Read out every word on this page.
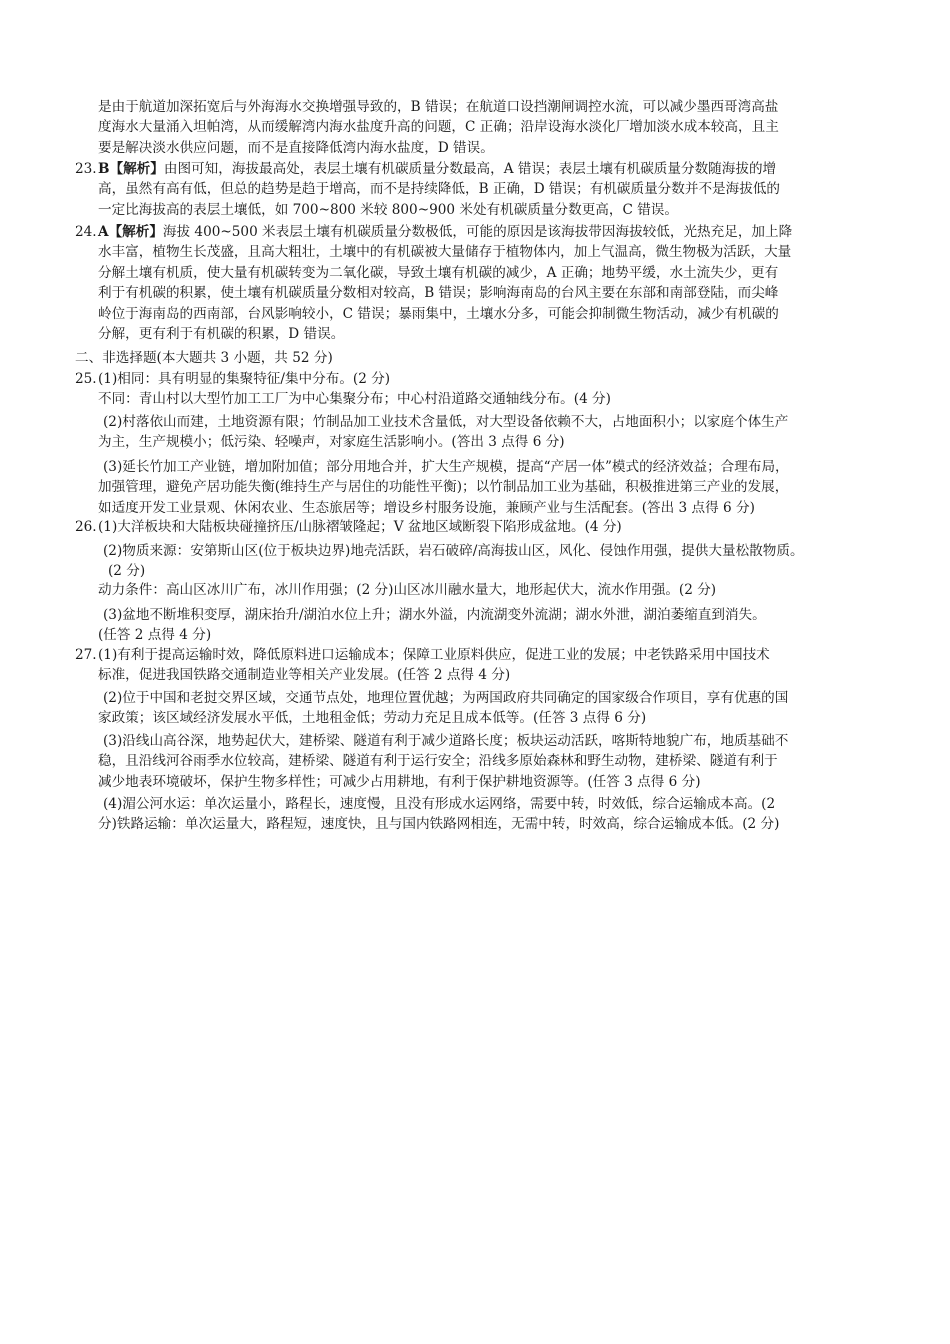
是由于航道加深拓宽后与外海海水交换增强导致的，B 错误；在航道口设挡潮闸调控水流，可以减少墨西哥湾高盐
度海水大量涌入坦帕湾，从而缓解湾内海水盐度升高的问题，C 正确；沿岸设海水淡化厂增加淡水成本较高，且主
要是解决淡水供应问题，而不是直接降低湾内海水盐度，D 错误。
23.B【解析】由图可知，海拔最高处，表层土壤有机碳质量分数最高，A 错误；表层土壤有机碳质量分数随海拔的增
高，虽然有高有低，但总的趋势是趋于增高，而不是持续降低，B 正确，D 错误；有机碳质量分数并不是海拔低的
一定比海拔高的表层土壤低，如 700~800 米较 800~900 米处有机碳质量分数更高，C 错误。
24.A【解析】海拔 400~500 米表层土壤有机碳质量分数极低，可能的原因是该海拔带因海拔较低，光热充足，加上降
水丰富，植物生长茂盛，且高大粗壮，土壤中的有机碳被大量储存于植物体内，加上气温高，微生物极为活跃，大量
分解土壤有机质，使大量有机碳转变为二氧化碳，导致土壤有机碳的减少，A 正确；地势平缓，水土流失少，更有
利于有机碳的积累，使土壤有机碳质量分数相对较高，B 错误；影响海南岛的台风主要在东部和南部登陆，而尖峰
岭位于海南岛的西南部，台风影响较小，C 错误；暴雨集中，土壤水分多，可能会抑制微生物活动，减少有机碳的
分解，更有利于有机碳的积累，D 错误。
二、非选择题(本大题共 3 小题，共 52 分)
25.(1)相同：具有明显的集聚特征/集中分布。(2 分)
不同：青山村以大型竹加工工厂为中心集聚分布；中心村沿道路交通轴线分布。(4 分)
(2)村落依山而建，土地资源有限；竹制品加工业技术含量低，对大型设备依赖不大，占地面积小；以家庭个体生产
为主，生产规模小；低污染、轻噪声，对家庭生活影响小。(答出 3 点得 6 分)
(3)延长竹加工产业链，增加附加值；部分用地合并，扩大生产规模，提高“产居一体”模式的经济效益；合理布局，
加强管理，避免产居功能失衡(维持生产与居住的功能性平衡)；以竹制品加工业为基础，积极推进第三产业的发展，
如适度开发工业景观、休闲农业、生态旅居等；增设乡村服务设施，兼顾产业与生活配套。(答出 3 点得 6 分)
26.(1)大洋板块和大陆板块碰撞挤压/山脉褶皱隆起；V 盆地区域断裂下陷形成盆地。(4 分)
(2)物质来源：安第斯山区(位于板块边界)地壳活跃，岩石破碎/高海拔山区，风化、侵蚀作用强，提供大量松散物质。
(2 分)
动力条件：高山区冰川广布，冰川作用强；(2 分)山区冰川融水量大，地形起伏大，流水作用强。(2 分)
(3)盆地不断堆积变厚，湖床抬升/湖泊水位上升；湖水外溢，内流湖变外流湖；湖水外泄，湖泊萎缩直到消失。
(任答 2 点得 4 分)
27.(1)有利于提高运输时效，降低原料进口运输成本；保障工业原料供应，促进工业的发展；中老铁路采用中国技术
标准，促进我国铁路交通制造业等相关产业发展。(任答 2 点得 4 分)
(2)位于中国和老挝交界区域，交通节点处，地理位置优越；为两国政府共同确定的国家级合作项目，享有优惠的国
家政策；该区域经济发展水平低，土地租金低；劳动力充足且成本低等。(任答 3 点得 6 分)
(3)沿线山高谷深，地势起伏大，建桥梁、隧道有利于减少道路长度；板块运动活跃，喀斯特地貌广布，地质基础不
稳，且沿线河谷雨季水位较高，建桥梁、隧道有利于运行安全；沿线多原始森林和野生动物，建桥梁、隧道有利于
减少地表环境破坏，保护生物多样性；可减少占用耕地，有利于保护耕地资源等。(任答 3 点得 6 分)
(4)湄公河水运：单次运量小，路程长，速度慢，且没有形成水运网络，需要中转，时效低，综合运输成本高。(2
分)铁路运输：单次运量大，路程短，速度快，且与国内铁路网相连，无需中转，时效高，综合运输成本低。(2 分)
